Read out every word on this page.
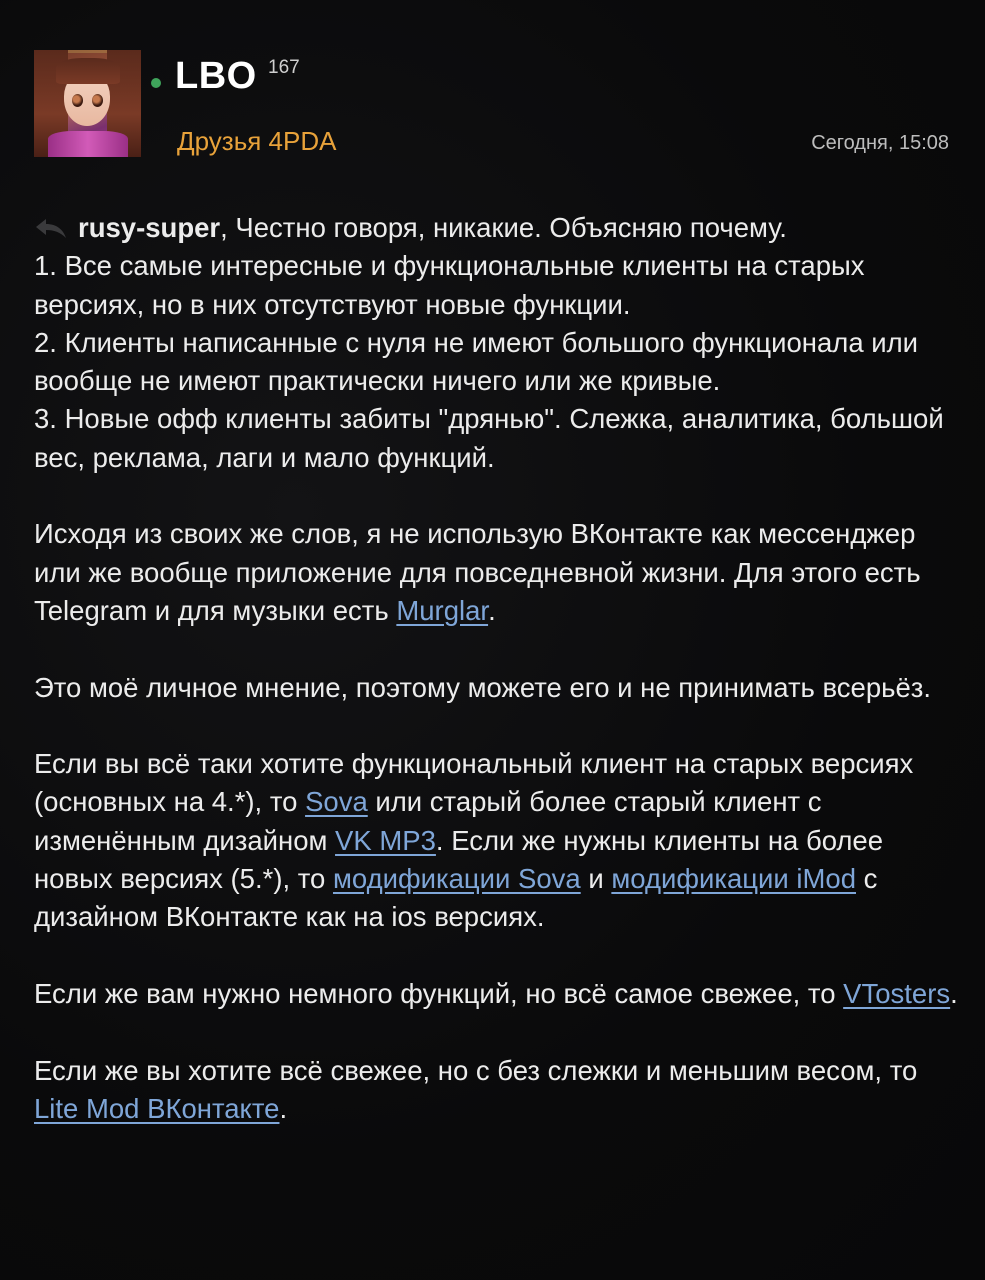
LBO 167
Друзья 4PDA	Сегодня, 15:08

rusy-super, Честно говоря, никакие. Объясняю почему.

1. Все самые интересные и функциональные клиенты на старых версиях, но в них отсутствуют новые функции.

2. Клиенты написанные с нуля не имеют большого функционала или вообще не имеют практически ничего или же кривые.

3. Новые офф клиенты забиты "дрянью". Слежка, аналитика, большой вес, реклама, лаги и мало функций.

Исходя из своих же слов, я не использую ВКонтакте как мессенджер или же вообще приложение для повседневной жизни. Для этого есть Telegram и для музыки есть Murglar.

Это моё личное мнение, поэтому можете его и не принимать всерьёз.

Если вы всё таки хотите функциональный клиент на старых версиях (основных на 4.*), то Sova или старый более старый клиент с изменённым дизайном VK MP3. Если же нужны клиенты на более новых версиях (5.*), то модификации Sova и модификации iMod с дизайном ВКонтакте как на ios версиях.

Если же вам нужно немного функций, но всё самое свежее, то VTosters.

Если же вы хотите всё свежее, но с без слежки и меньшим весом, то Lite Mod ВКонтакте.
